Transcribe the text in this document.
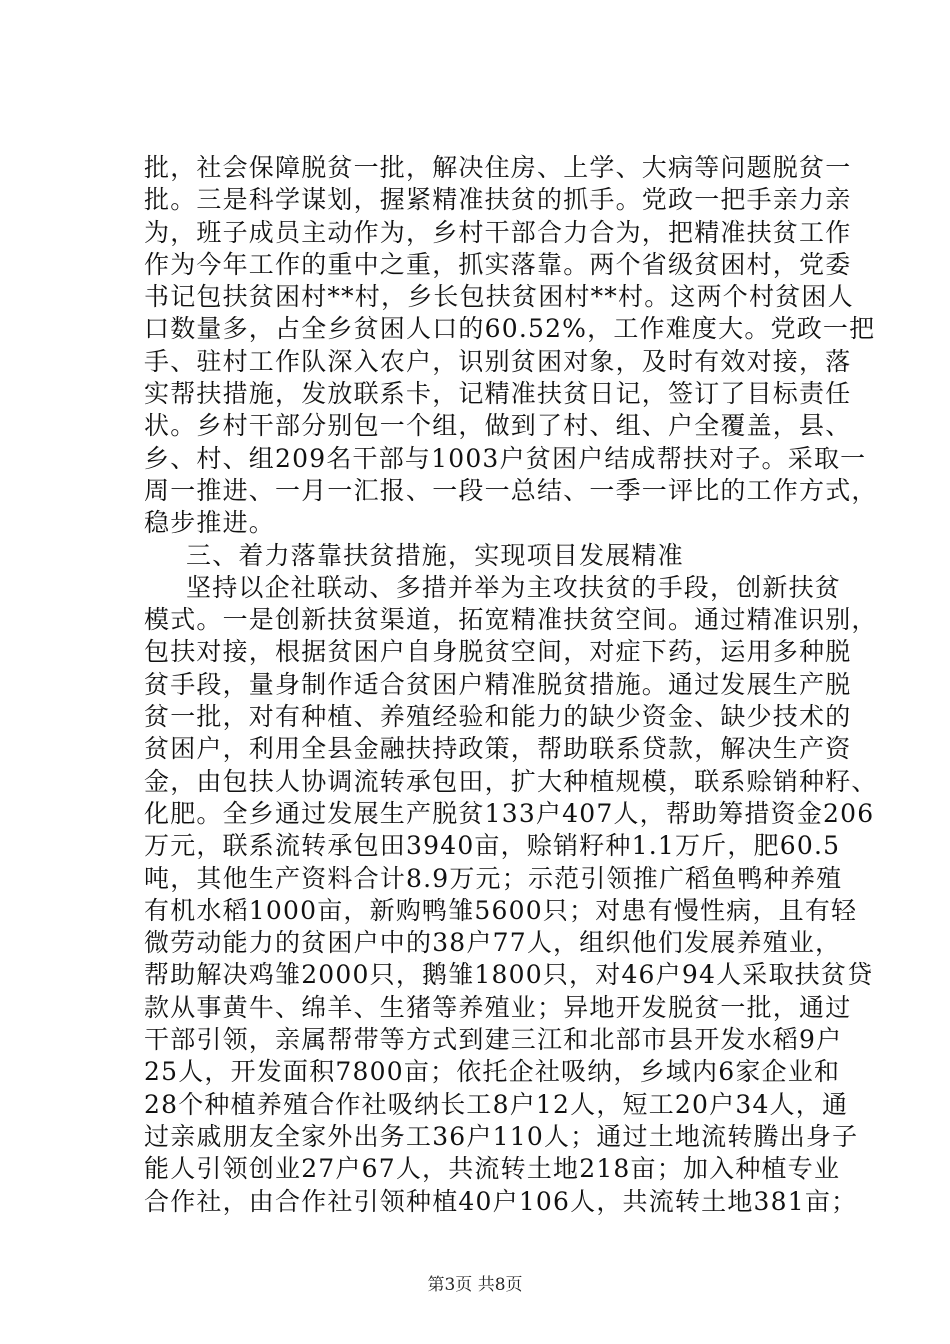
批，社会保障脱贫一批，解决住房、上学、大病等问题脱贫一
批。三是科学谋划，握紧精准扶贫的抓手。党政一把手亲力亲
为，班子成员主动作为，乡村干部合力合为，把精准扶贫工作
作为今年工作的重中之重，抓实落靠。两个省级贫困村，党委
书记包扶贫困村**村，乡长包扶贫困村**村。这两个村贫困人
口数量多，占全乡贫困人口的60.52%，工作难度大。党政一把
手、驻村工作队深入农户，识别贫困对象，及时有效对接，落
实帮扶措施，发放联系卡，记精准扶贫日记，签订了目标责任
状。乡村干部分别包一个组，做到了村、组、户全覆盖，县、
乡、村、组209名干部与1003户贫困户结成帮扶对子。采取一
周一推进、一月一汇报、一段一总结、一季一评比的工作方式，
稳步推进。
三、着力落靠扶贫措施，实现项目发展精准
坚持以企社联动、多措并举为主攻扶贫的手段，创新扶贫
模式。一是创新扶贫渠道，拓宽精准扶贫空间。通过精准识别，
包扶对接，根据贫困户自身脱贫空间，对症下药，运用多种脱
贫手段，量身制作适合贫困户精准脱贫措施。通过发展生产脱
贫一批，对有种植、养殖经验和能力的缺少资金、缺少技术的
贫困户，利用全县金融扶持政策，帮助联系贷款，解决生产资
金，由包扶人协调流转承包田，扩大种植规模，联系赊销种籽、
化肥。全乡通过发展生产脱贫133户407人，帮助筹措资金206
万元，联系流转承包田3940亩，赊销籽种1.1万斤，肥60.5
吨，其他生产资料合计8.9万元；示范引领推广稻鱼鸭种养殖
有机水稻1000亩，新购鸭雏5600只；对患有慢性病，且有轻
微劳动能力的贫困户中的38户77人，组织他们发展养殖业，
帮助解决鸡雏2000只，鹅雏1800只，对46户94人采取扶贫贷
款从事黄牛、绵羊、生猪等养殖业；异地开发脱贫一批，通过
干部引领，亲属帮带等方式到建三江和北部市县开发水稻9户
25人，开发面积7800亩；依托企社吸纳，乡域内6家企业和
28个种植养殖合作社吸纳长工8户12人，短工20户34人，通
过亲戚朋友全家外出务工36户110人；通过土地流转腾出身子
能人引领创业27户67人，共流转土地218亩；加入种植专业
合作社，由合作社引领种植40户106人，共流转土地381亩；
第3页 共8页
